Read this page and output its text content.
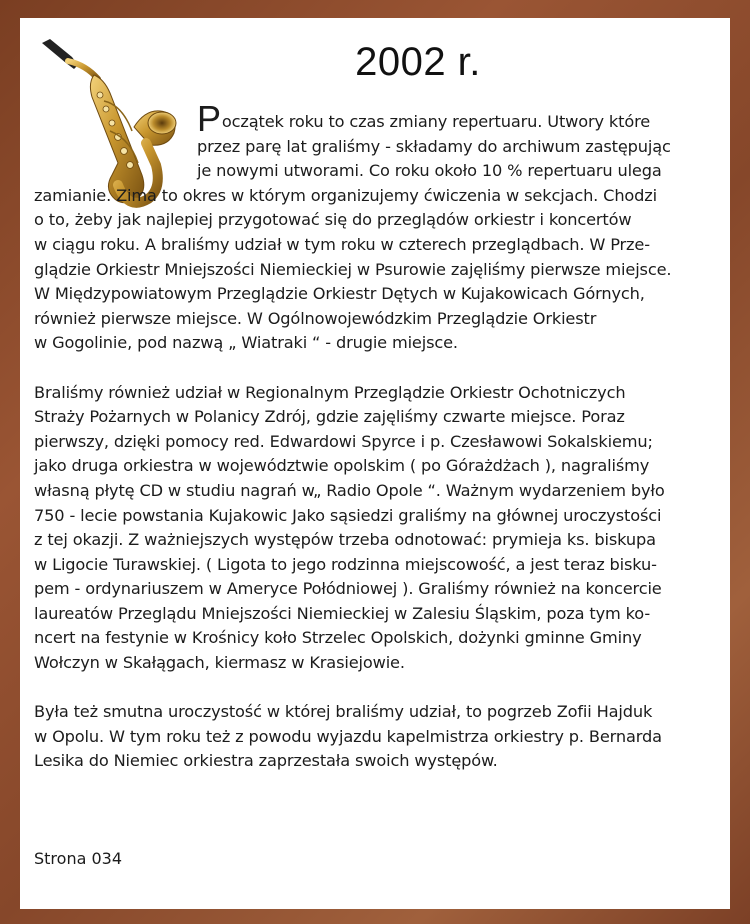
2002 r.
Początek roku to czas zmiany repertuaru. Utwory które
przez parę lat graliśmy - składamy do archiwum zastępując
je nowymi utworami. Co roku około 10 % repertuaru ulega
zamianie. Zima to okres w którym organizujemy ćwiczenia w sekcjach. Chodzi
o to, żeby jak najlepiej przygotować się do przeglądów orkiestr i koncertów
w ciągu roku. A braliśmy udział w tym roku w czterech przeglądbach. W Prze-
glądzie Orkiestr Mniejszości Niemieckiej w Psurowie zajęliśmy pierwsze miejsce.
W Międzypowiatowym Przeglądzie Orkiestr Dętych w Kujakowicach Górnych,
również pierwsze miejsce. W Ogólnowojewódzkim Przeglądzie Orkiestr
w Gogolinie, pod nazwą „ Wiatraki “ - drugie miejsce.
Braliśmy również udział w Regionalnym Przeglądzie Orkiestr Ochotniczych
Straży Pożarnych w Polanicy Zdrój, gdzie zajęliśmy czwarte miejsce. Poraz
pierwszy, dzięki pomocy red. Edwardowi Spyrce i p. Czesławowi Sokalskiemu;
jako druga orkiestra w województwie opolskim ( po Górażdżach ), nagraliśmy
własną płytę CD w studiu nagrań w„ Radio Opole “. Ważnym wydarzeniem było
750 - lecie powstania Kujakowic Jako sąsiedzi graliśmy na głównej uroczystości
z tej okazji. Z ważniejszych występów trzeba odnotować: prymieja ks. biskupa
w Ligocie Turawskiej. ( Ligota to jego rodzinna miejscowość, a jest teraz bisku-
pem - ordynariuszem w Ameryce Połódniowej ). Graliśmy również na koncercie
laureatów Przeglądu Mniejszości Niemieckiej w Zalesiu Śląskim, poza tym ko-
ncert na festynie w Krośnicy koło Strzelec Opolskich, dożynki gminne Gminy
Wołczyn w Skałągach, kiermasz w Krasiejowie.
Była też smutna uroczystość w której braliśmy udział, to pogrzeb Zofii Hajduk
w Opolu. W tym roku też z powodu wyjazdu kapelmistrza orkiestry p. Bernarda
Lesika do Niemiec orkiestra zaprzestała swoich występów.
Strona 034
